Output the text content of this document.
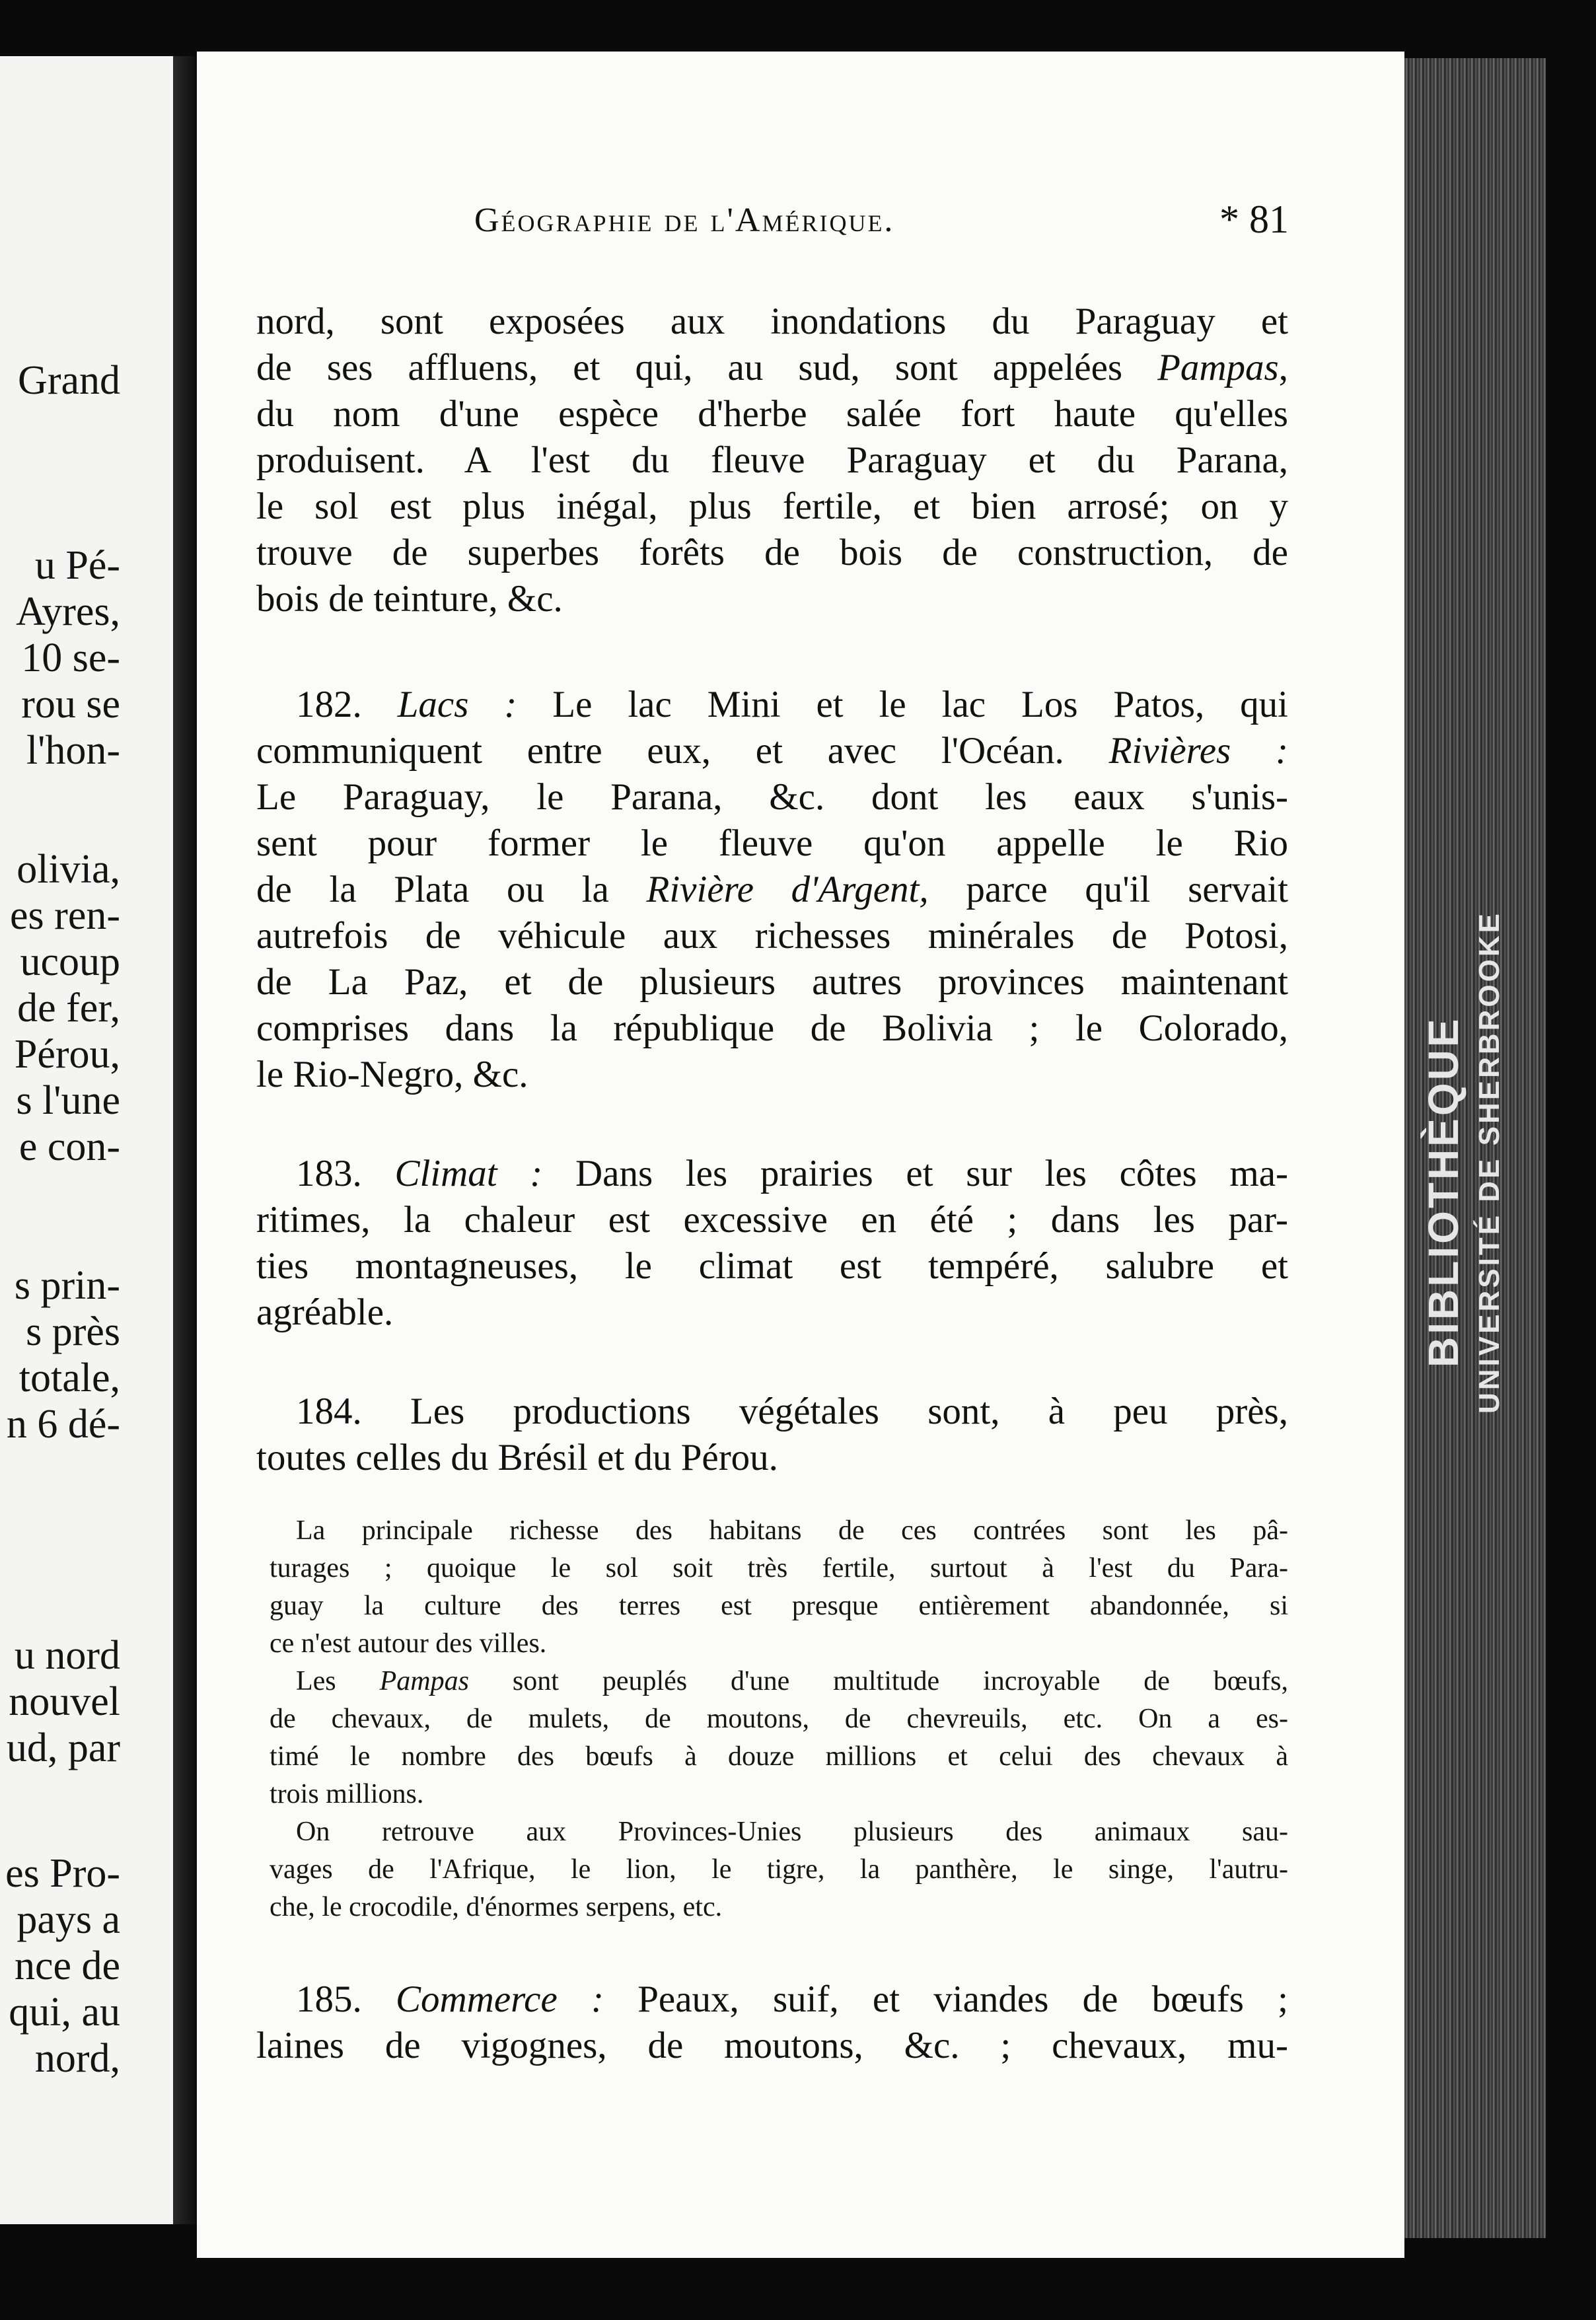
Grand
u Pé-
Ayres,
10 se-
rou se
l'hon-
olivia,
es ren-
ucoup
de fer,
Pérou,
s l'une
e con-
s prin-
s près
totale,
n 6 dé-
u nord
nouvel
ud, par
es Pro-
pays a
nce de
qui, au
nord,
BIBLIOTHÈQUE UNIVERSITÉ DE SHERBROOKE
Géographie de l'Amérique.	* 81
nord, sont exposées aux inondations du Paraguay et
de ses affluens, et qui, au sud, sont appelées Pampas,
du nom d'une espèce d'herbe salée fort haute qu'elles
produisent. A l'est du fleuve Paraguay et du Parana,
le sol est plus inégal, plus fertile, et bien arrosé; on y
trouve de superbes forêts de bois de construction, de
bois de teinture, &c.
182. Lacs : Le lac Mini et le lac Los Patos, qui
communiquent entre eux, et avec l'Océan. Rivières :
Le Paraguay, le Parana, &c. dont les eaux s'unis-
sent pour former le fleuve qu'on appelle le Rio
de la Plata ou la Rivière d'Argent, parce qu'il servait
autrefois de véhicule aux richesses minérales de Potosi,
de La Paz, et de plusieurs autres provinces maintenant
comprises dans la république de Bolivia ; le Colorado,
le Rio-Negro, &c.
183. Climat : Dans les prairies et sur les côtes ma-
ritimes, la chaleur est excessive en été ; dans les par-
ties montagneuses, le climat est tempéré, salubre et
agréable.
184. Les productions végétales sont, à peu près,
toutes celles du Brésil et du Pérou.
La principale richesse des habitans de ces contrées sont les pâ-
turages ; quoique le sol soit très fertile, surtout à l'est du Para-
guay la culture des terres est presque entièrement abandonnée, si
ce n'est autour des villes.
Les Pampas sont peuplés d'une multitude incroyable de bœufs,
de chevaux, de mulets, de moutons, de chevreuils, etc. On a es-
timé le nombre des bœufs à douze millions et celui des chevaux à
trois millions.
On retrouve aux Provinces-Unies plusieurs des animaux sau-
vages de l'Afrique, le lion, le tigre, la panthère, le singe, l'autru-
che, le crocodile, d'énormes serpens, etc.
185. Commerce : Peaux, suif, et viandes de bœufs ;
laines de vigognes, de moutons, &c. ; chevaux, mu-
